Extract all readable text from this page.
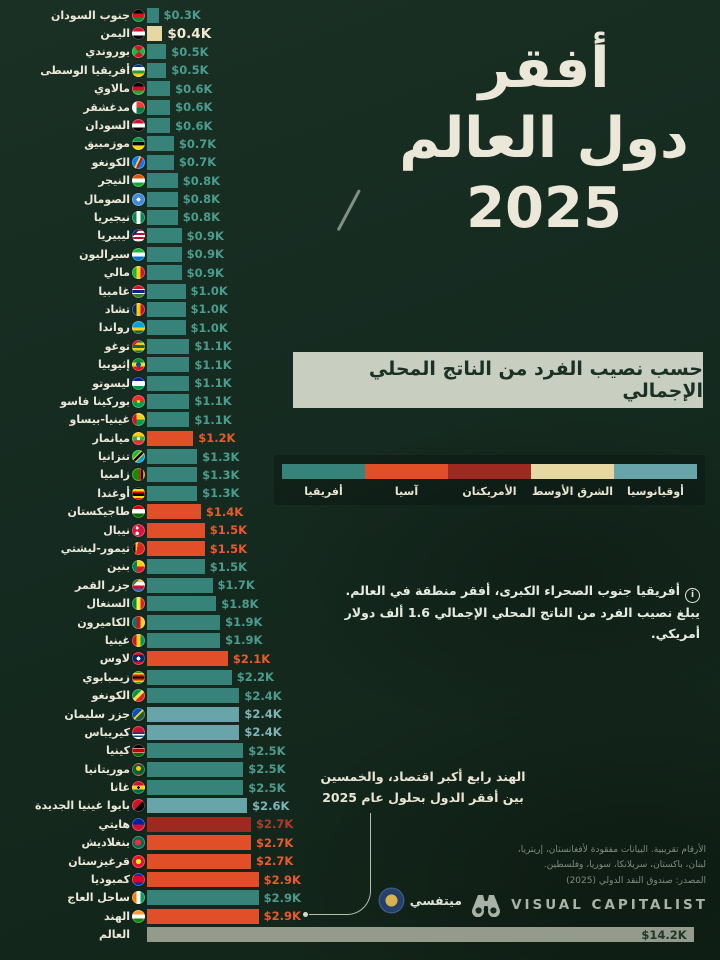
جنوب السودان	$0.3K
اليمن	$0.4K
بوروندي	$0.5K
أفريقيا الوسطى	$0.5K
مالاوي	$0.6K
مدغشقر	$0.6K
السودان	$0.6K
موزمبيق	$0.7K
الكونغو	$0.7K
النيجر	$0.8K
الصومال	$0.8K
نيجيريا	$0.8K
ليبيريا	$0.9K
سيراليون	$0.9K
مالي	$0.9K
غامبيا	$1.0K
تشاد	$1.0K
رواندا	$1.0K
توغو	$1.1K
إثيوبيا	$1.1K
ليسوتو	$1.1K
بوركينا فاسو	$1.1K
غينيا-بيساو	$1.1K
ميانمار	$1.2K
تنزانيا	$1.3K
زامبيا	$1.3K
أوغندا	$1.3K
طاجيكستان	$1.4K
نيبال	$1.5K
تيمور-ليشتي	$1.5K
بنين	$1.5K
جزر القمر	$1.7K
السنغال	$1.8K
الكاميرون	$1.9K
غينيا	$1.9K
لاوس	$2.1K
زيمبابوي	$2.2K
الكونغو	$2.4K
جزر سليمان	$2.4K
كيريباس	$2.4K
كينيا	$2.5K
موريتانيا	$2.5K
غانا	$2.5K
بابوا غينيا الجديدة	$2.6K
هايتي	$2.7K
بنغلاديش	$2.7K
قرغيزستان	$2.7K
كمبوديا	$2.9K
ساحل العاج	$2.9K
الهند	$2.9K
العالم	$14.2K
أفقر
دول العالم
2025
حسب نصيب الفرد من الناتج المحلي الإجمالي
أفريقيا	آسيا	الأمريكتان	الشرق الأوسط	أوقيانوسيا
iأفريقيا جنوب الصحراء الكبرى، أفقر منطقة في العالم.
يبلغ نصيب الفرد من الناتج المحلي الإجمالي 1.6 ألف دولار أمريكي.
الهند رابع أكبر اقتصاد، والخمسين
بين أفقر الدول بحلول عام 2025
الأرقام تقريبية. البيانات مفقودة لأفغانستان، إريتريا،
لبنان، باكستان، سريلانكا، سوريا، وفلسطين.
المصدر: صندوق النقد الدولي (2025)
ميتفسي	VISUAL CAPITALIST
